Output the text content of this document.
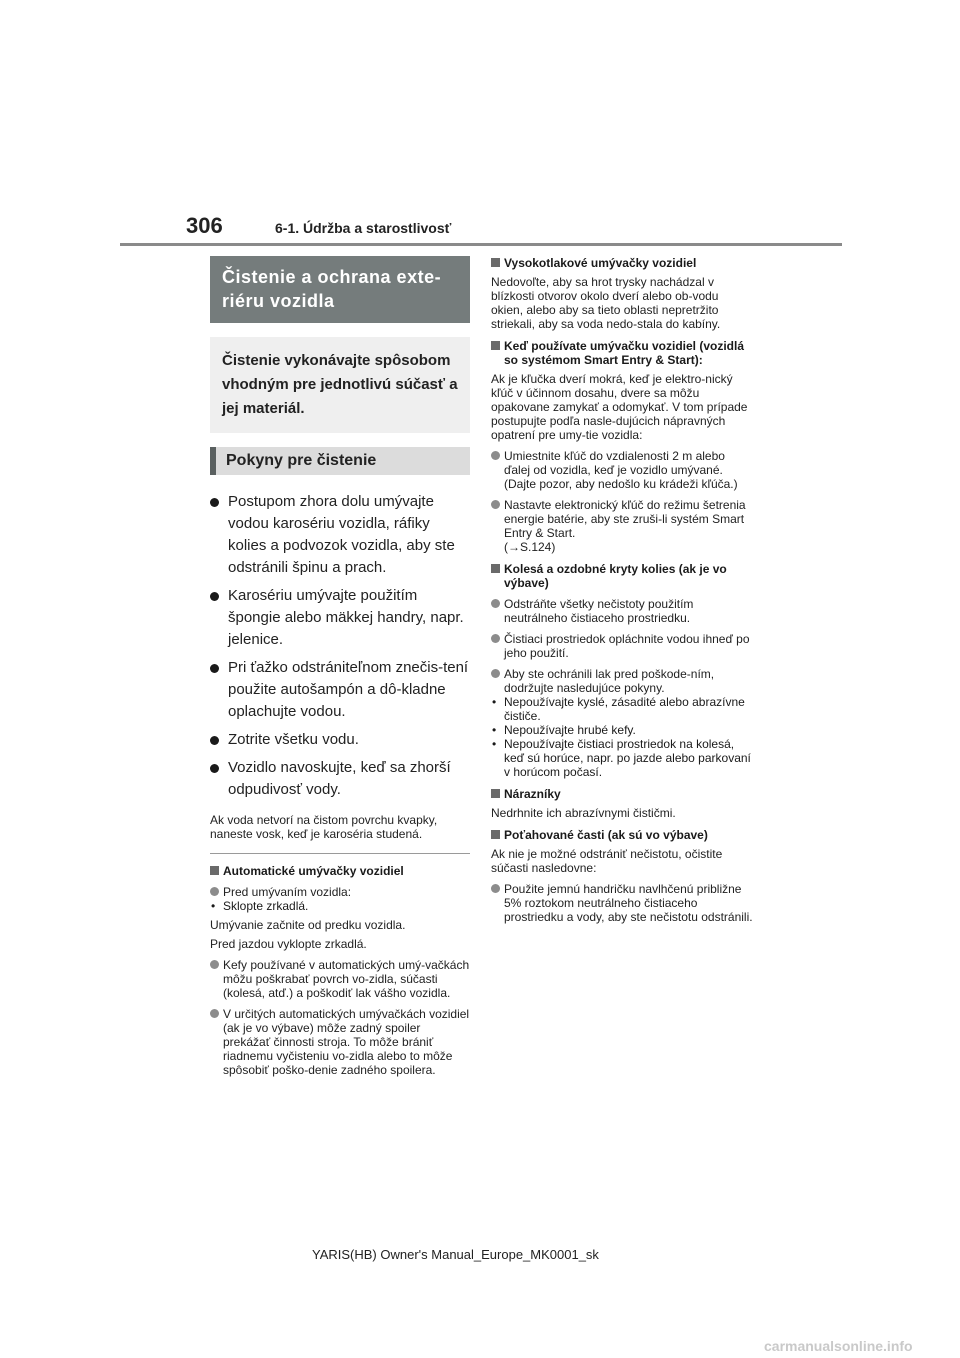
306	6-1. Údržba a starostlivosť
Čistenie a ochrana exte-riéru vozidla
Čistenie vykonávajte spôsobom vhodným pre jednotlivú súčasť a jej materiál.
Pokyny pre čistenie
Postupom zhora dolu umývajte vodou karosériu vozidla, ráfiky kolies a podvozok vozidla, aby ste odstránili špinu a prach.
Karosériu umývajte použitím špongie alebo mäkkej handry, napr. jelenice.
Pri ťažko odstrániteľnom znečis-tení použite autošampón a dô-kladne oplachujte vodou.
Zotrite všetku vodu.
Vozidlo navoskujte, keď sa zhorší odpudivosť vody.
Ak voda netvorí na čistom povrchu kvapky, naneste vosk, keď je karoséria studená.
Automatické umývačky vozidiel
Pred umývaním vozidla:
• Sklopte zrkadlá.
Umývanie začnite od predku vozidla.
Pred jazdou vyklopte zrkadlá.
Kefy používané v automatických umý-vačkách môžu poškrabať povrch vo-zidla, súčasti (kolesá, atď.) a poškodiť lak vášho vozidla.
V určitých automatických umývačkách vozidiel (ak je vo výbave) môže zadný spoiler prekážať činnosti stroja. To môže brániť riadnemu vyčisteniu vo-zidla alebo to môže spôsobiť poško-denie zadného spoilera.
Vysokotlakové umývačky vozidiel
Nedovoľte, aby sa hrot trysky nachádzal v blízkosti otvorov okolo dverí alebo ob-vodu okien, alebo aby sa tieto oblasti nepretržito striekali, aby sa voda nedo-stala do kabíny.
Keď používate umývačku vozidiel (vozidlá so systémom Smart Entry & Start):
Ak je kľučka dverí mokrá, keď je elektro-nický kľúč v účinnom dosahu, dvere sa môžu opakovane zamykať a odomykať. V tom prípade postupujte podľa nasle-dujúcich nápravných opatrení pre umy-tie vozidla:
Umiestnite kľúč do vzdialenosti 2 m alebo ďalej od vozidla, keď je vozidlo umývané. (Dajte pozor, aby nedošlo ku krádeži kľúča.)
Nastavte elektronický kľúč do režimu šetrenia energie batérie, aby ste zruši-li systém Smart Entry & Start.
(→S.124)
Kolesá a ozdobné kryty kolies (ak je vo výbave)
Odstráňte všetky nečistoty použitím neutrálneho čistiaceho prostriedku.
Čistiaci prostriedok opláchnite vodou ihneď po jeho použití.
Aby ste ochránili lak pred poškode-ním, dodržujte nasledujúce pokyny.
• Nepoužívajte kyslé, zásadité alebo abrazívne čističe.
• Nepoužívajte hrubé kefy.
• Nepoužívajte čistiaci prostriedok na kolesá, keď sú horúce, napr. po jazde alebo parkovaní v horúcom počasí.
Nárazníky
Nedrhnite ich abrazívnymi čističmi.
Poťahované časti (ak sú vo výbave)
Ak nie je možné odstrániť nečistotu, očistite súčasti nasledovne:
Použite jemnú handričku navlhčenú približne 5% roztokom neutrálneho čistiaceho prostriedku a vody, aby ste nečistotu odstránili.
YARIS(HB) Owner's Manual_Europe_MK0001_sk
carmanualsonline.info
